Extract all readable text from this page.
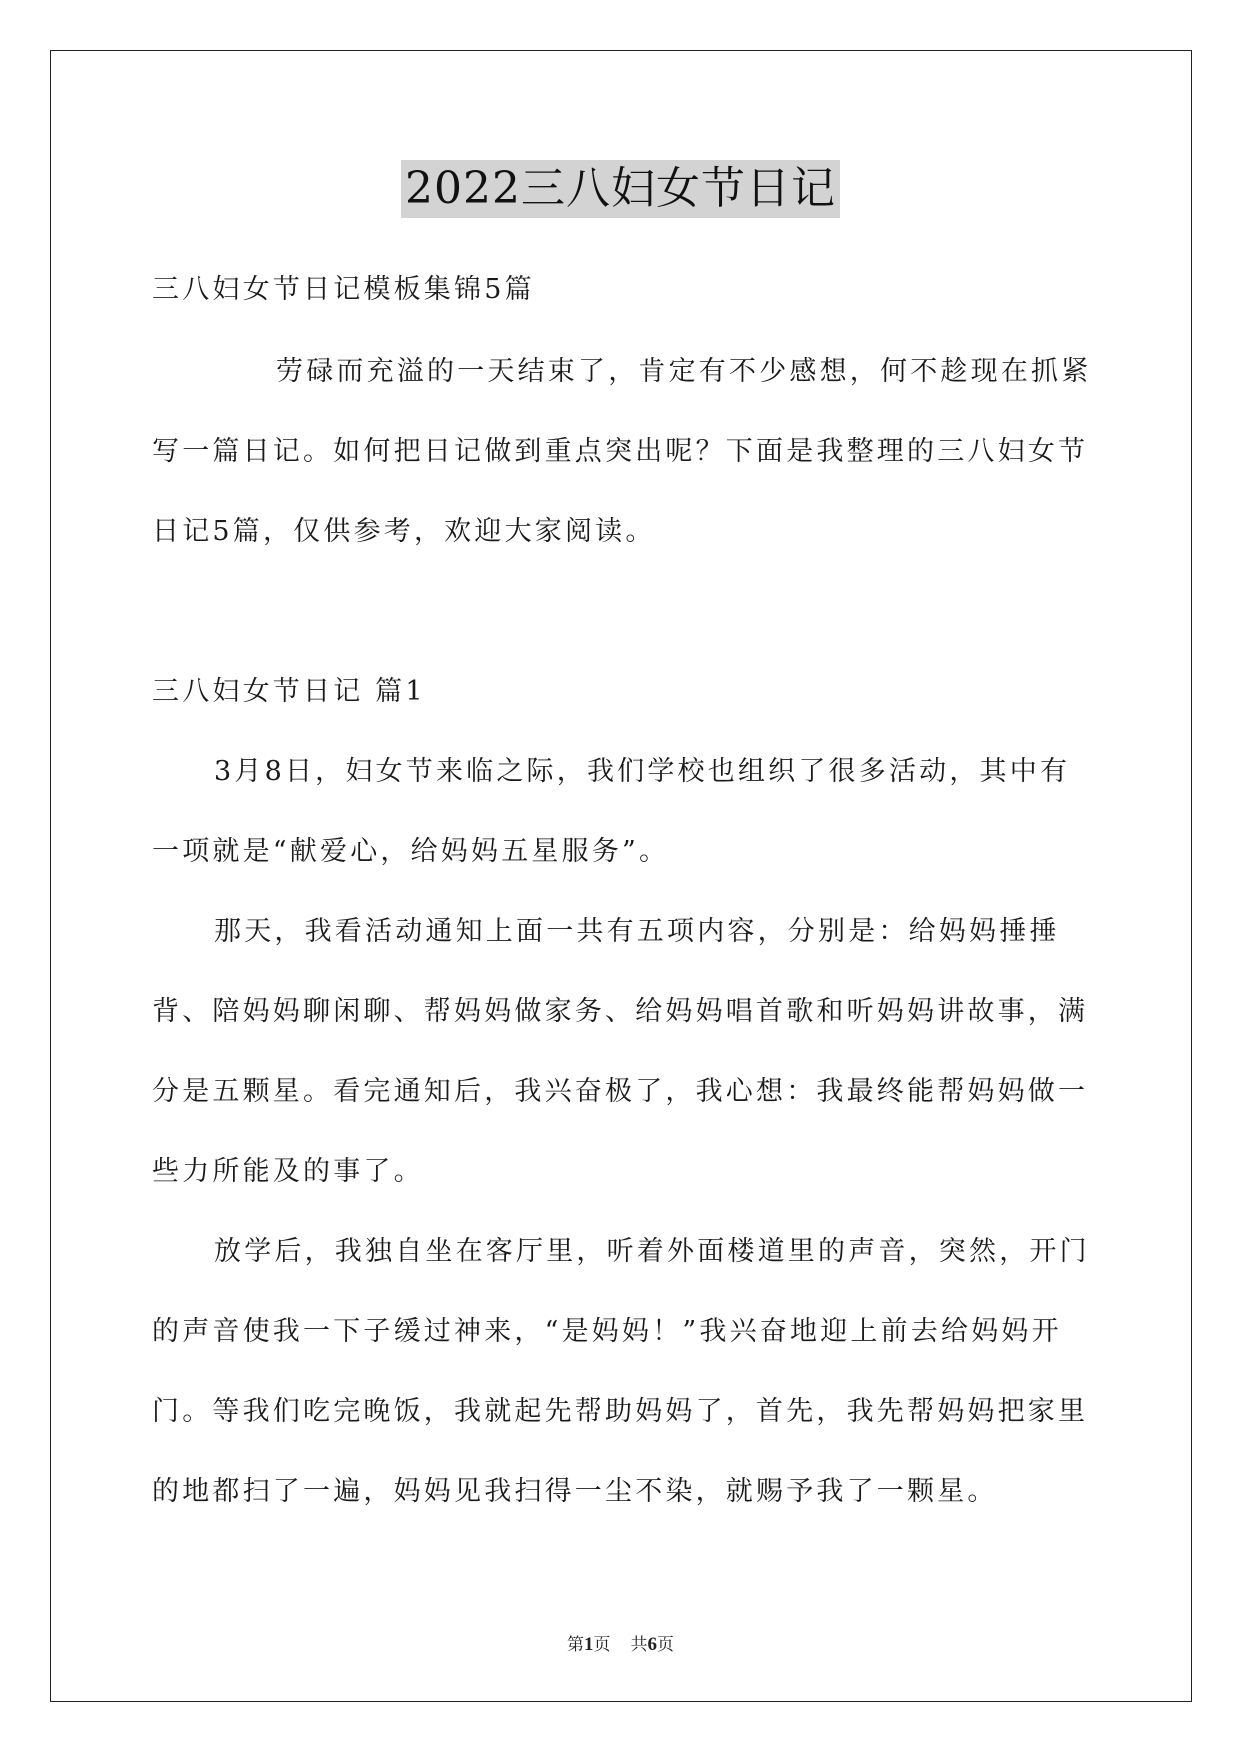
2022三八妇女节日记

三八妇女节日记模板集锦5篇

劳碌而充溢的一天结束了，肯定有不少感想，何不趁现在抓紧写一篇日记。如何把日记做到重点突出呢？下面是我整理的三八妇女节日记5篇，仅供参考，欢迎大家阅读。

三八妇女节日记 篇1

3月8日，妇女节来临之际，我们学校也组织了很多活动，其中有一项就是“献爱心，给妈妈五星服务”。

那天，我看活动通知上面一共有五项内容，分别是：给妈妈捶捶背、陪妈妈聊闲聊、帮妈妈做家务、给妈妈唱首歌和听妈妈讲故事，满分是五颗星。看完通知后，我兴奋极了，我心想：我最终能帮妈妈做一些力所能及的事了。

放学后，我独自坐在客厅里，听着外面楼道里的声音，突然，开门的声音使我一下子缓过神来，“是妈妈！”我兴奋地迎上前去给妈妈开门。等我们吃完晚饭，我就起先帮助妈妈了，首先，我先帮妈妈把家里的地都扫了一遍，妈妈见我扫得一尘不染，就赐予我了一颗星。

第1页 共6页
